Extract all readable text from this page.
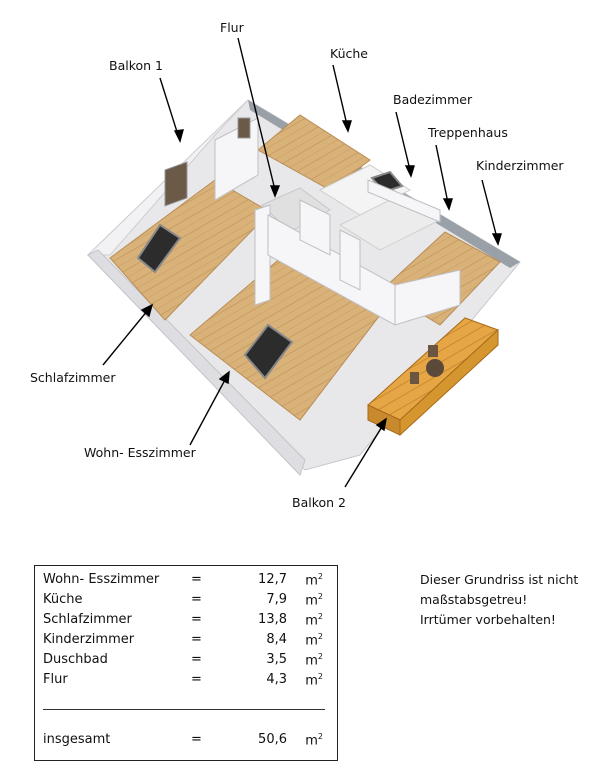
Flur
Balkon 1
Küche
Badezimmer
Treppenhaus
Kinderzimmer
Schlafzimmer
Wohn- Esszimmer
Balkon 2
Wohn- Esszimmer =	12,7 $m^2$
Küche	=	7,9 $m^2$
Schlafzimmer	=	13,8 $m^2$
Kinderzimmer	=	8,4 $m^2$
Duschbad	=	3,5 $m^2$
Flur	=	4,3 $m^2$
insgesamt	=	50,6 $m^2$
Dieser Grundriss ist nicht
maßstabsgetreu!
Irrtümer vorbehalten!
